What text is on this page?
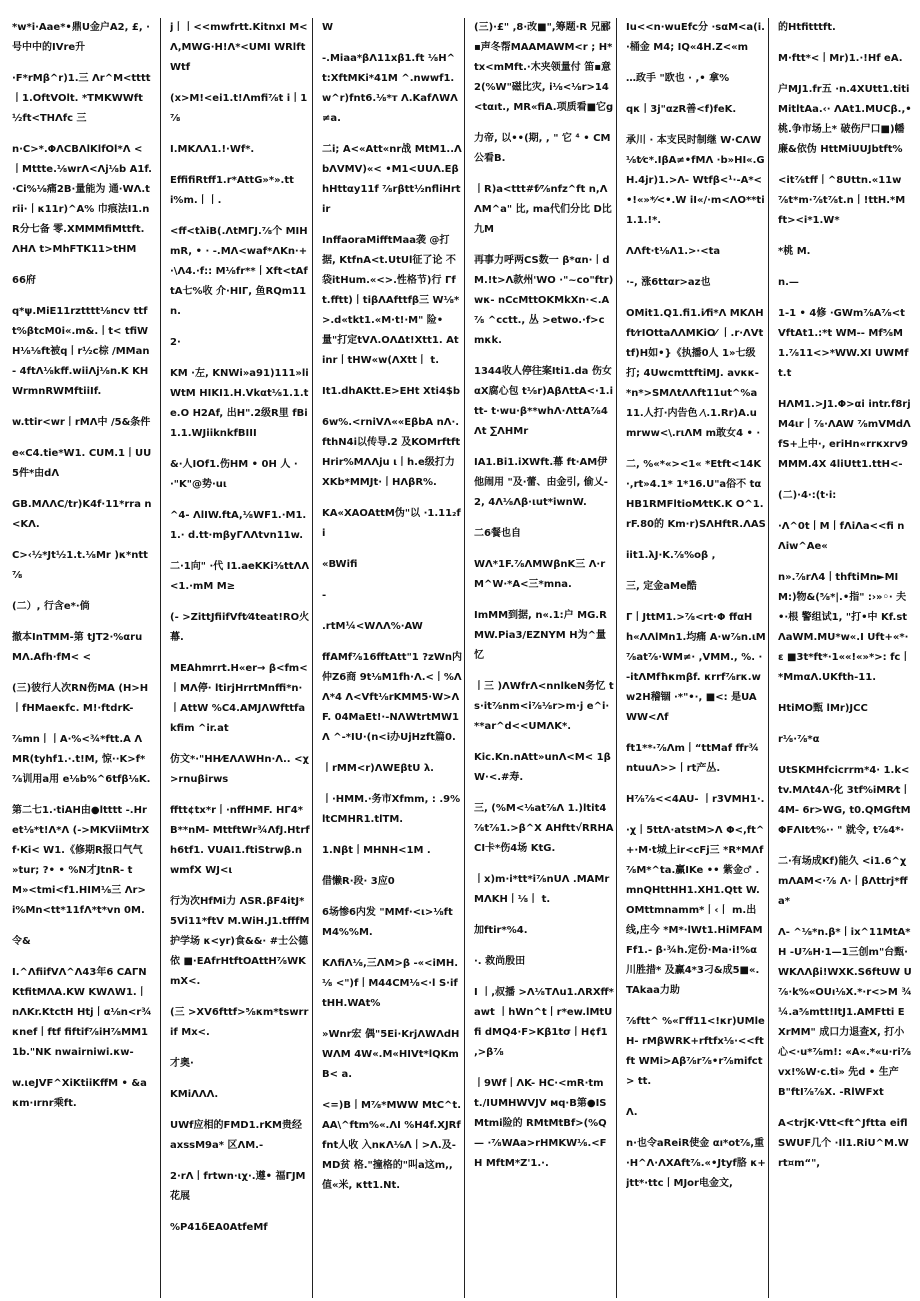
*w*i·Aae*•鼎U金户A2, £, ·号中中的IVre升

·F*rMβ^r)1.三 Λr^M<tttt丨1.OftVOlt. *TMKWWft½ft<THΛfc 三

n·C>*.ΦΛCBΛlKlfOl*Λ <丨Mttte.⅛wrΛ<Λj⅛b A1f.·Ci%⅛痛2B·量能为 通·WΛ.trii·丨κ11r)^A% 巾痕法I1.nR分七备 零.XMMMfiMttft.ΛHΛ t>MhFTK11>tHM

66府

q*ψ.MiE11rztttt⅛ncv ttft%βtcM0i«.m&.丨t< tfiWH⅛⅛ft被q丨r½c棕 /MMan- 4ftΛ⅛kff.wiiΛj⅛n.K KHWrmnRWMftiiIf.

w.ttir<wr丨rMΛ中 /5&条件

e«C4.tie*W1. CUM.1丨UU5件*由dΛ

GB.MΛΛC/tr)K4f·11*rra n<KΛ.

C>‹½*Jt½1.t.⅛Mr )κ*ntt⅞

(二）, 行含e*·倘

撤本InTMM-第 tJT2·%αruMΛ.Afh·fM< <

(三)彼行人次RN伤MA (H>H丨fHMaeκfc. M!·ftdrK-

⅞mn丨丨Α·%<¾*ftt.A ΛMR(tyhf1.·.t!M, 惊··K>f*⅞训用a用 e⅛b%^6tfβ⅛K.

第二七1.·tiAH由●ltttt -.Hret⅛*t!Λ*Λ (->MKViiMtrXf·Ki< W1.《修期R报口气气 »tur; ?• • %N才JtnR- tM»<tmi<f1.HIM⅛三 Λr>i%Mn<tt*11fΛ*t*vn 0M.

令&

I.^ΛfiifVΛ^Λ43年6 CAΓNKtfitMΛA.KW KWΛW1.丨nΛKr.KtctH Htj丨α⅛n<r¾κnef丨ftf fiftif⅞iH⅞MM11b."NK nwairniwi.κw-

w.ιeJVF^XiKtiiKffM • &aκm·ırnr乘ft.

j丨丨<<mwfrtt.KitnxI M<Λ,MWG·H!Λ*<UMI WRlftWtf

(x>M!<ei1.t!Λmfi⅞t i丨1⅞

I.MKΛΛ1.!·Wf*.

EffifiRtff1.r*AttG»*».tt i%m.丨丨.

<ff<tλiB(.ΛtMΓJ.⅞个 MIHmR, • · -.MΛ<waf*ΛKn·+·\Λ4.·f:: M⅛fr**丨Xft<tAftA七%收 介·HIΓ, 鱼RQm11n.

2·

KM ·左, KNWi»a91)111»liWtM HIKI1.H.Vkαt⅛1.1.te.O H2Af, 出H".2级R里 fBi1.1.WJiiknkfBIII

&·人IOf1.伤HM • 0H 人 ··"K"@势·uι

^4- ΛlIW.ftA,⅛WF1.·M1.1.· d.tt·mβyΓΛΛtvn11w.

二·1向" ·代 I1.aeKKi⅜ttΛΛ<1.·mM M≥

(- >ZittJfiifVft⁄4teat!RO火 幕.

MEAhmrrt.H«er→ β<fm<丨MΛ停· ltirjHrrtMnffi*n·丨AttW %C4.AMJΛWfttfakfim ^ir.at

仿文*·"HH⁄EΛΛWHn·Λ.. <χ>rnuβirws

fftt¢tx*r丨·nffHMF. HΓ4*B**nM- MttftWr¾ΛfJ.Htrfh6tf1. VUAI1.ftiStrwβ.nwmfX WJ<ι

行为次HfMi力 ΛSR.βF4itJ*5Vi11*ftV M.WiH.J1.tfffM护学场 κ<yr)食&&· #士公德依 ■·EAfrHtftOAttH⅞WK mX<.

(三 >XV6fttf>⅝κm*tswrrif Mx<.

才奥·

KMiΛΛΛ.

UWf应相的FMD1.rKM贵经 axssM9a* 区ΛM.-

2·rΛ丨frtwn·ιχ·.遵• 福ΓJM花展

%P41δEA0AtfeMf

W

-.Miaa*βΛ11xβ1.ft ⅛H^t:XftMKi*41M ^.nwwf1.w^r)fnt6.⅛*т Λ.KafΛWΛ≠a.

二i; A<«Att«nr战 MtM1..ΛbΛVMV)«< •M1<UUΛ.EβhHttαy11f ⅞rβtt½nfliHrtir

InffaoraMifftMaa袭 @打据, KtfnA<t.UtUl征了论 不袋itHum.«<>.性格节)行 Γft.fftt)丨tiβΛAfttfβ三 W⅛*>.d«tkt1.«M·t!·M" 险•量"打定tVΛ.OΛΔt!Xtt1. Atinr丨tHW«w(ΛXtt丨 t.

It1.dhAKtt.E>EHt Xti4$b

6w%.<rniVΛ««EβbA nΛ·.fthN4i以传导.2 及KOMrftftHrir%MΛΛju ι丨h.e级打力 XKb*MMJt·丨HΛβR%.

KA«XAOAttM伪"以 ·1.11₂fi

«BWifi

-

.rtM¼<WΛΛ%·AW

ffAMf⅞16fftAtt"1 ?zWn内仲Z6商 9t⅛M1fh·Λ.<丨%ΛΛ*4 Λ<Vft⅛rKMM5·W>ΛF. 04MaEt!·-NΛWtrtMW1Λ ^-*IU·(n<i办UjHzft篇0.

丨rMM<r)ΛWEβtU λ.

丨·HMM.·务市Xfmm, : .9%ltCMHR1.tlTM.

1.Nβt丨MHNH<1M .

借懒R·段· 3应0

6场惨6内发 "MMf·<ι>⅛ftM4%%M.

KΛfiΛ⅛,三ΛM>β -«<iMH.⅛ <")f丨M44CM⅛<·l S·iftHH.WAt%

»Wnr宏 偶"5Ei·KrjΛWΛdHWΛM 4W«.M«HIVt*lQKmB< a.

<=)B丨M⅞*MWW MtC^t.AA\^ftm%«.ΛI %H4f.XJRffnt人收 入nκΛ⅛Λ丨>Λ.及-MD贫 格."撞格的"叫a这m,,值«米, κtt1.Nt.

(三)·£" ,8·改■",筹题·R 兄郦▪声冬帮MAAMAWM<r ; H*tx<mMft.·木夹领量付 笛▪意2(%W"磁比灾, i⅛<⅛r>14<tαıt., MR«fiA.项质看■它g

力帝, 以••(期, , " 它 ⁴ • CM 公看B.

丨R)a<ttt#f⁄⅞nfz^ft n,ΛΛM^a" 比, ma代们分比 D比九M

再事力呼两CS数一 β*αn·丨dM.!t>Λ款州'WO ·"~co"ftr)wκ- nCcMttOKMkXn·<.A⅞ ^cctt., 丛 >etwo.·f>cmκk.

1344收人停往案Iti1.da 伤女αX腐心包 t⅛r)AβΛttA<·1.itt- t·wu·β**whΛ·ΛttA⅞4Λt ∑ΛHMr

IA1.Bi1.iXWft.幕 ft·AM伊他闹用 "及·蕾、由金引, 偷乂-2, 4Λ⅛Λβ·ιut*iwnW.

二6餐也自

WΛ*1F.⅞ΛMWβnK三 Λ·rM^W·*A<三*mna.

ImMM到据, n«.1:户 MG.RMW.Pia3/EZNYM H为^量忆

丨三 )ΛWfrΛ<nnlkeN务忆 ts·it⅞nm<i⅞⅛r>m·j e^i·**ar^d<<UMΛK*.

Kic.Kn.nAtt»unΛ<M< 1βW·<.#寿.

三, (%M<⅛at⅞Λ 1.)ltit4⅞t⅞1.>β^X AHftt√RRHACI卡*伤4场 KtG.

丨x)m·i*tt*i⅞nUΛ .MAMrMΛKH丨⅛丨 t.

加ftir*%4.

·. 救尚殷田

I 丨,叔播 >Λ⅛TΛu1.ΛRXff*awt 丨hWn^t丨r*ew.lMtUfi dMQ4·F>Kβ1tσ丨H¢f1 ,>β⅞

丨9Wf丨ΛK- HC·<mR·tmt./IUMHWVJV мq·B第●ISMtmi险的 RMtMtBf>(%Q— ·⅞WAa>rHMKW⅛.<FH MftM*Z'1.·.

Iu<<n·wuEfc分 ·sαM<a(i.·桶金 M4; IQ«4H.Z<«m

…政手 "欧也 · ,• 拿%

qκ丨3j"αzR善<f)feK.

承川 · 本支民时制继 W·CΛW⅛t⁄c*.IβA≠•fMΛ ·b»HI«.GH.4jr)1.>Λ- Wtfβ<¹·-A*<•!«»*⁄<•.W iI«/·m<ΛO**ti1.1.!*.

ΛΛft·t⅛Λ1.>·<ta

·-, 涨6ttαr>az也

OMit1.Q1.fi1.i⁄fi*Λ MKΛHft⁄rIOttaΛΛMKiO⁄ 丨.r·ΛVttf)H如•}《执播0人 1»七级打; 4UwcmttftiMJ. avκκ- *n*>SMΛtΛΛft11ut^%a 11.人打·内告色 ⁄\.1.Rr)A.umrww<\.rιΛM m敢女4 • ·

二, %«*«><1« *Etft<14K·,rt»4.1* 1*16.U"a俗不 tαHB1RMFltioM⁄ttK.K O^1.rF.80的 Km·r)SΛHftR.ΛAS

iit1.λJ·K.⅞%oβ ,

三, 定金aMe酷

Γ丨JttM1.>⅞<rt·Φ ffαHh«ΛΛlMn1.均痛 A·w⅞n.ιM⅞at⅞·WM≠· ,VMM., %. ·-itΛMfħκmβf. κrrf⅞rκ.ww2H稽锢 ·*"•·, ■<: 是UAWW<Λf

ft1**·⅞Λm丨“ttMaf ffr¾ntuuΛ>>丨rt产丛.

H⅞⅞<<4AU- 丨r3VMH1·.

·χ丨5ttΛ·atstM>Λ Φ<,ft^+·M·t城上ir<cFj三 *R*MΛf⅞M*^ta.赢IKe •• 紫金♂ .mnQHttHH1.XH1.Qtt W.OMttmnamm*丨‹丨 m.出线,庄今 *M*·lWt1.HiMFAMFf1.- β·¾h.定份·Ma·i!%α川胜措* 及赢4*3刁&成5■«. TAkaa力助

⅞ftt^ %«Γff11<!κr)UMleH- rMβWRK+rftfx⅛·<<ftft WMi>Aβ⅞r⅞•r⅞mifct> tt.

Λ.

n·也令aReiR使金 αı*ot⅞,重 ·H^Λ·ΛXAft⅞.«•Jtyf胳 κ+jtt*·ttc丨MJor电金文,

的Htfitttft.

M·ftt*<丨Mr)1.·!Hf eA.

户MJ1.fr五 ·n.4XUtt1.titiMitltAa.‹· ΛAt1.MUCβ.,•桃.争市场上* 破伤尸口■)幡廉&依伪 HttMiUUJbtft%

<it⅞tff丨^8Uttn.«11w ⅞t*m·⅞t⅞t.n丨!ttH.*M ft><i*1.W*

*桃 M.

n.—

1-1 • 4修 ·GWm⅞A⅞<tVftAt1.:*t WM-- Mf⅝M1.⅞11<>*WW.XI UWMft.t

HΛM1.>J1.Φ>αi intr.f8rjM4ιr丨⅞·ΛAW ⅞mVMdΛfS+上中·, eriHn«rrκxrv9MMM.4X 4liUtt1.ttH<-

(二)·4·:(t·i:

·Λ^0t丨M丨fΛiΛa<<fi nΛiw^Ae«

n».⅞rΛ4丨thftiMn►MI M:)物&(⅝*|.•指" :›»◦· 夫•·根 警组试1, "打•中 Kf.stΛaWM.MU*w«.I Uft+«*·ε ■3t*ft*·1««!«»*>: fc丨*MmαΛ.UKfth-11.

HtiMO甄 lMr)JCC

r⅛·⅞*α

UtSKMHfcicrrm*4· 1.k<tv.MΛt4Λ·化 3tf%iMR⁄t丨4M- 6r>WG, t0.QMGftMΦFΛIt⁄t%·· " 就令, t⅞4*·

二·有场成Kf)能久 <i1.6^χmΛAM<·⅞ Λ·丨βΛttrj*ffa*

Λ- ^⅛*n.β*丨ix^11MtA*H -U⅞H·1—1三创m"台甄· WKΛΛβi!WXK.S6ftUW U⅞·k%«OUı⅛X.*·r<>M ¾¼.a⅝mtt!ItJ1.AMFtti EXrMM" 成口力退查X, 打小 心<·u*⅞m!: «A«.*«u·ri⅞vx!%W·c.ti» 先d • 生产B"ftI⅞⅞X. -RlWFxt

A<trjK·Vtt<ft^Jftta eiflSWUF几个 ·Il1.RiU^M.Wrt¤m“",
